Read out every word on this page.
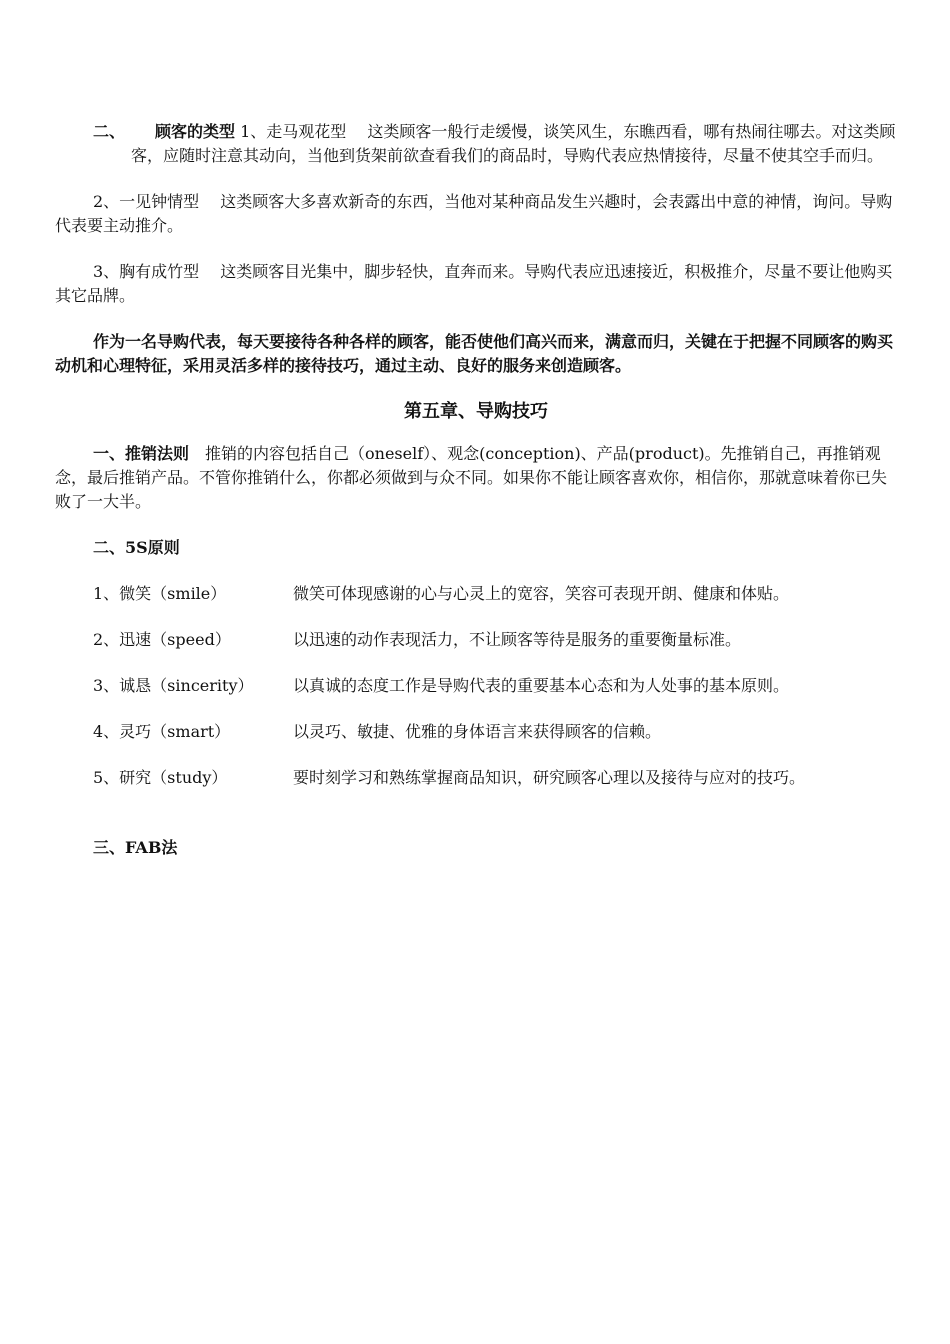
二、 顾客的类型 1、走马观花型　 这类顾客一般行走缓慢，谈笑风生，东瞧西看，哪有热闹往哪去。对这类顾客，应随时注意其动向，当他到货架前欲查看我们的商品时，导购代表应热情接待，尽量不使其空手而归。

2、一见钟情型　 这类顾客大多喜欢新奇的东西，当他对某种商品发生兴趣时，会表露出中意的神情，询问。导购代表要主动推介。

3、胸有成竹型　 这类顾客目光集中，脚步轻快，直奔而来。导购代表应迅速接近，积极推介，尽量不要让他购买其它品牌。

作为一名导购代表，每天要接待各种各样的顾客，能否使他们高兴而来，满意而归，关键在于把握不同顾客的购买动机和心理特征，采用灵活多样的接待技巧，通过主动、良好的服务来创造顾客。

第五章、导购技巧

一、推销法则　推销的内容包括自己（oneself）、观念(conception)、产品(product)。先推销自己，再推销观念，最后推销产品。不管你推销什么，你都必须做到与众不同。如果你不能让顾客喜欢你，相信你，那就意味着你已失败了一大半。

二、5S原则

1、微笑（smile）	微笑可体现感谢的心与心灵上的宽容，笑容可表现开朗、健康和体贴。

2、迅速（speed）	以迅速的动作表现活力，不让顾客等待是服务的重要衡量标准。

3、诚恳（sincerity）	以真诚的态度工作是导购代表的重要基本心态和为人处事的基本原则。

4、灵巧（smart）	以灵巧、敏捷、优雅的身体语言来获得顾客的信赖。

5、研究（study）	要时刻学习和熟练掌握商品知识，研究顾客心理以及接待与应对的技巧。

三、FAB法
